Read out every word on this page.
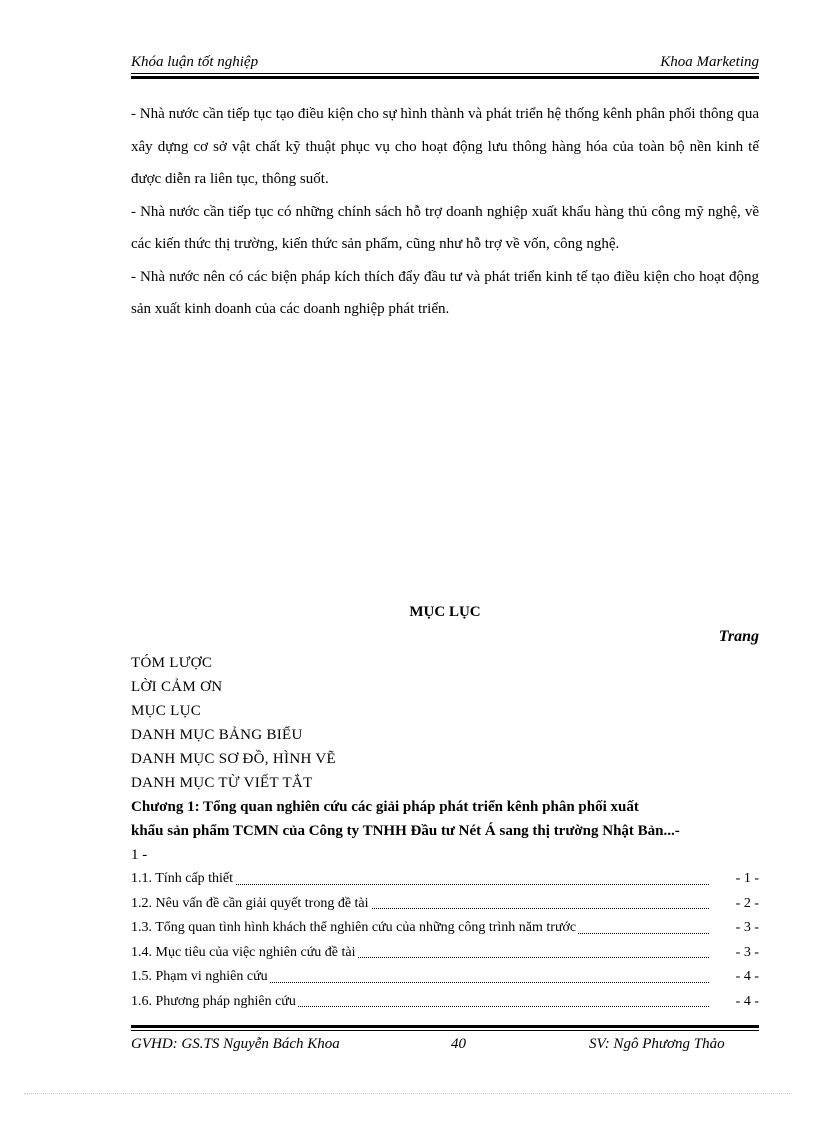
Khóa luận tốt nghiệp	Khoa Marketing

- Nhà nước cần tiếp tục tạo điều kiện cho sự hình thành và phát triển hệ thống kênh phân phối thông qua xây dựng cơ sở vật chất kỹ thuật phục vụ cho hoạt động lưu thông hàng hóa của toàn bộ nền kinh tế được diễn ra liên tục, thông suốt.

- Nhà nước cần tiếp tục có những chính sách hỗ trợ doanh nghiệp xuất khẩu hàng thủ công mỹ nghệ, về các kiến thức thị trường, kiến thức sản phẩm, cũng như hỗ trợ về vốn, công nghệ.

- Nhà nước nên có các biện pháp kích thích đẩy đầu tư và phát triển kinh tế tạo điều kiện cho hoạt động sản xuất kinh doanh của các doanh nghiệp phát triển.

MỤC LỤC
Trang
TÓM LƯỢC
LỜI CẢM ƠN
MỤC LỤC
DANH MỤC BẢNG BIỂU
DANH MỤC SƠ ĐỒ, HÌNH VẼ
DANH MỤC TỪ VIẾT TẮT
Chương 1: Tổng quan nghiên cứu các giải pháp phát triển kênh phân phối xuất
khẩu sản phẩm TCMN của Công ty TNHH Đầu tư Nét Á sang thị trường Nhật Bản...-
1 -
1.1. Tính cấp thiết	- 1 -
1.2. Nêu vấn đề cần giải quyết trong đề tài	- 2 -
1.3. Tổng quan tình hình khách thể nghiên cứu của những công trình năm trước	- 3 -
1.4. Mục tiêu của việc nghiên cứu đề tài	- 3 -
1.5. Phạm vi nghiên cứu	- 4 -
1.6. Phương pháp nghiên cứu	- 4 -
GVHD: GS.TS Nguyễn Bách Khoa	40	SV: Ngô Phương Thảo
